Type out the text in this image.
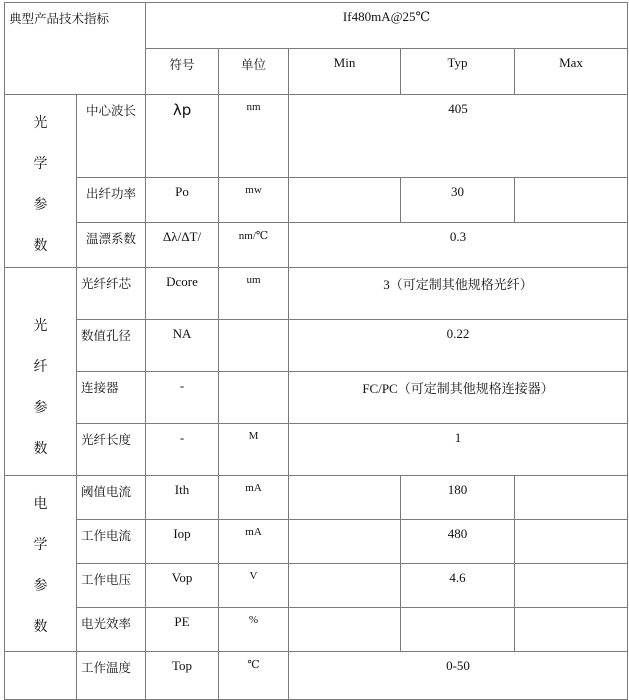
典型产品技术指标		If480mA@25℃				
		符号	单位	Min	Typ	Max

光
学
参
数	中心波长	λp	nm	405		
	出纤功率	Po	mw		30	
	温漂系数	Δλ/ΔT/	nm/℃	0.3		

光
纤
参
数	光纤纤芯	Dcore	um	3（可定制其他规格光纤）		
	数值孔径	NA		0.22		
	连接器	-		FC/PC（可定制其他规格连接器）		
	光纤长度	-	M	1		

电
学
参
数	阈值电流	Ith	mA		180	
	工作电流	Iop	mA		480	
	工作电压	Vop	V		4.6	
	电光效率	PE	%			
	工作温度	Top	℃	0-50		
